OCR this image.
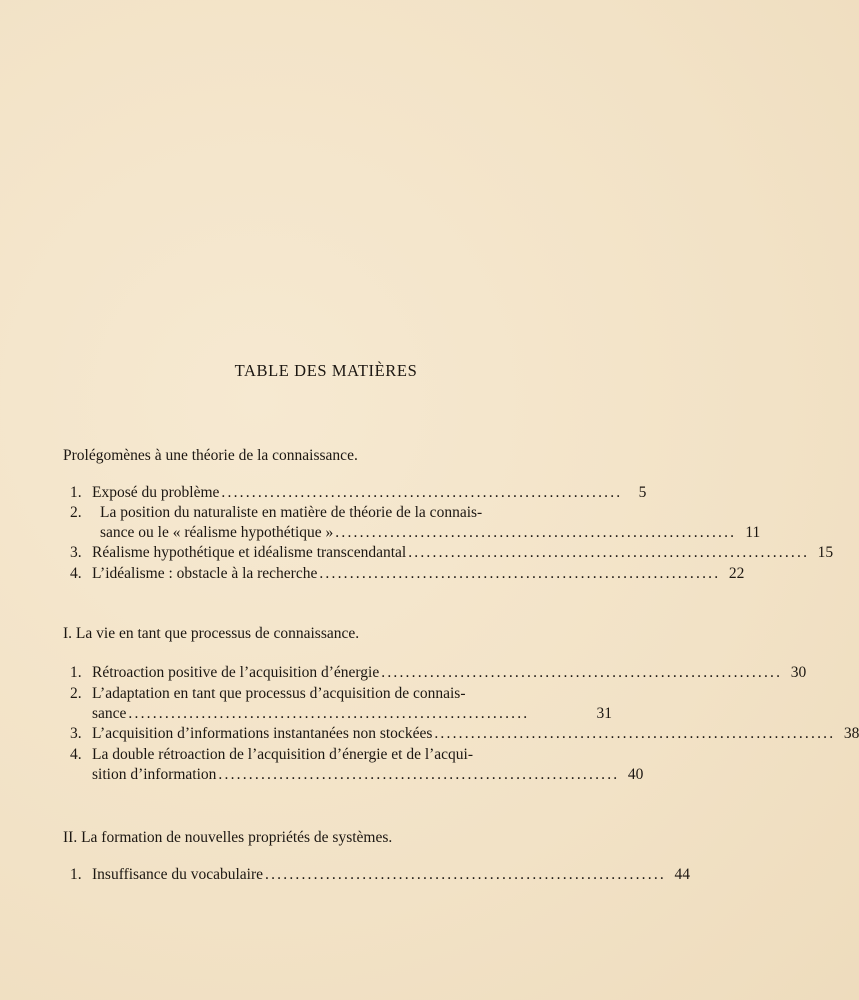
TABLE DES MATIÈRES
Prolégomènes à une théorie de la connaissance.
1. Exposé du problème ..................................................................	5
2.	La position du naturaliste en matière de théorie de la connais-
sance ou le « réalisme hypothétique » .................................................................. 11
3. Réalisme hypothétique et idéalisme transcendantal .................................................................. 15
4. L’idéalisme : obstacle à la recherche .................................................................. 22
I. La vie en tant que processus de connaissance.
1. Rétroaction positive de l’acquisition d’énergie .................................................................. 30
2. L’adaptation en tant que processus d’acquisition de connais-
sance ..................................................................	31
3. L’acquisition d’informations instantanées non stockées .................................................................. 38
4. La double rétroaction de l’acquisition d’énergie et de l’acqui-
sition d’information .................................................................. 40
II. La formation de nouvelles propriétés de systèmes.
1. Insuffisance du vocabulaire .................................................................. 44
